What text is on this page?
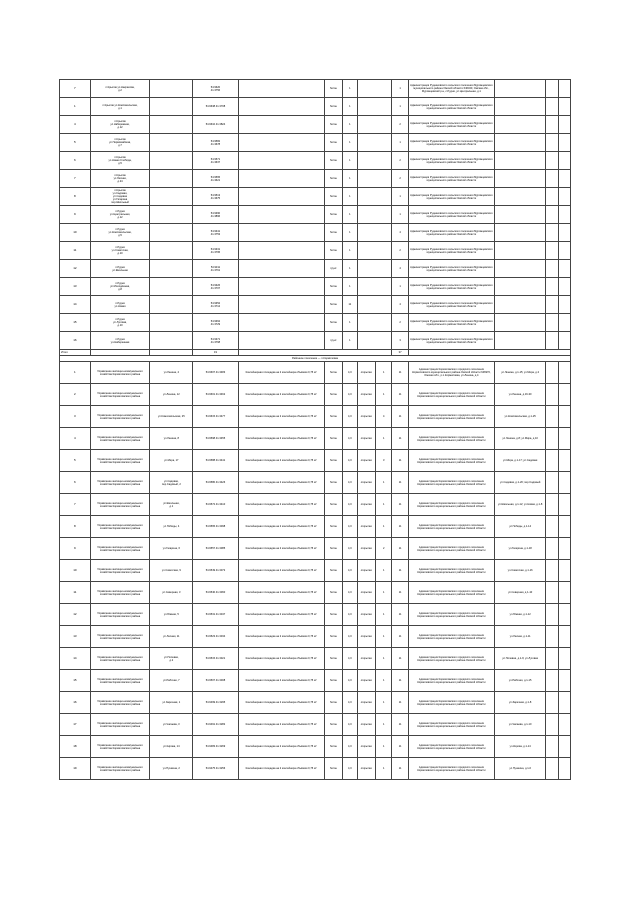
7	п.Крылов ул.Некрасова,
д.2		54.9620
41.3756		бетон	1			1	Администрация Рудниковского сельского поселения Муромцевского муниципального района Омской области 646430, Омская обл., Муромцевский р-н, с.Рудня, ул.Центральная, д.1			
1	п.Крылов ул.Комсомольская,
д.1		54.9638 41.3708		бетон	1			1	Администрация Рудниковского сельского поселения Муромцевского муниципального района Омской области			
4	п.Крылов
ул.Набережная,
д.12		54.9610 41.3824		бетон	1			2	Администрация Рудниковского сельского поселения Муромцевского муниципального района Омской области			
5	п.Крылов
ул.Первомайская,
д.7		54.9582
41.3678		бетон	1			1	Администрация Рудниковского сельского поселения Муромцевского муниципального района Омской области			
6	п.Крылов
ул.Новая Слобода,
д.5		54.9571
41.3637		бетон	1			2	Администрация Рудниковского сельского поселения Муромцевского муниципального района Омской области			
7	п.Крылов
ул.Лесная,
д.24		54.9565
41.3621		бетон	1			2	Администрация Рудниковского сельского поселения Муромцевского муниципального района Омской области			
8	п.Крылов
ул.Садовая,
ул.Садовая
ул.Гагарина
пер.Школьный		54.9513
41.3675		бетон	1			1	Администрация Рудниковского сельского поселения Муромцевского муниципального района Омской области			
9	п.Рудня
ул.Центральная,
д.12		54.9390
41.3896		бетон	1			1	Администрация Рудниковского сельского поселения Муромцевского муниципального района Омской области			
10	п.Рудня
ул.Комсомольская,
д.5		54.9341
41.3753		бетон	1			4	Администрация Рудниковского сельского поселения Муромцевского муниципального района Омской области			
11	п.Рудня
ул.Советская,
д.10		54.9331
41.3795		бетон	1			2	Администрация Рудниковского сельского поселения Муромцевского муниципального района Омской области			
12	п.Рудня
ул.Школьная		54.9311
41.3761		грунт	1			4	Администрация Рудниковского сельского поселения Муромцевского муниципального района Омской области			
13	п.Рудня
ул.Молодёжная,
д.8		54.9326
41.3707		бетон	1			1	Администрация Рудниковского сельского поселения Муромцевского муниципального района Омской области			
14	п.Рудня
ул.Новая		54.9352
41.3712		бетон	11			4	Администрация Рудниковского сельского поселения Муромцевского муниципального района Омской области			
15	п.Рудня
ул.Луговая,
д.10		54.9362
41.3729		бетон	1			2	Администрация Рудниковского сельского поселения Муромцевского муниципального района Омской области			
16	п.Рудня
ул.Набережная		54.9371
41.3768		грунт	1			3	Администрация Рудниковского сельского поселения Муромцевского муниципального района Омской области			
Итого			19						37				
Районное поселение — п.Кормиловка													
1	Управление жилищно-коммунального
хозяйства Кормиловского района	ул.Ленина, 4	54.9607 41.3483	Контейнерная площадка на 2 контейнера объёмом 0,75 м³	бетон	4,0	открытая	1	11	Администрация Кормиловского городского поселения Кормиловского муниципального района Омской области 646970, Омская обл., р.п.Кормиловка, ул.Ленина, д.4	ул.Ленина, д.1-15; ул.Мира, д.2		
2	Управление жилищно-коммунального
хозяйства Кормиловского района	ул.Ленина, 12	54.9601 41.3462	Контейнерная площадка на 2 контейнера объёмом 0,75 м³	бетон	4,0	открытая	1	11	Администрация Кормиловского городского поселения Кормиловского муниципального района Омской области	ул.Ленина, д.16-30		
3	Управление жилищно-коммунального
хозяйства Кормиловского района	ул.Комсомольская, 25	54.9615 41.3477	Контейнерная площадка на 2 контейнера объёмом 0,75 м³	бетон	4,0	открытая	4	11	Администрация Кормиловского городского поселения Кормиловского муниципального района Омской области	ул.Комсомольская, д.1-25		
4	Управление жилищно-коммунального
хозяйства Кормиловского района	ул.Ленина, 8	54.9598 41.3455	Контейнерная площадка на 2 контейнера объёмом 0,75 м³	бетон	4,0	открытая	1	11	Администрация Кормиловского городского поселения Кормиловского муниципального района Омской области	ул.Ленина, д.8; ул.Мира, д.10		
5	Управление жилищно-коммунального
хозяйства Кормиловского района	ул.Мира, 17	54.9588 41.3441	Контейнерная площадка на 2 контейнера объёмом 0,75 м³	бетон	4,0	открытая	3	11	Администрация Кормиловского городского поселения Кормиловского муниципального района Омской области	ул.Мира, д.1-17; ул.Садовая		
6	Управление жилищно-коммунального
хозяйства Кормиловского района	ул.Садовая,
пер.Садовый, 2	54.9580 41.3426	Контейнерная площадка на 2 контейнера объёмом 0,75 м³	бетон	4,0	открытая	1	11	Администрация Кормиловского городского поселения Кормиловского муниципального района Омской области	ул.Садовая, д.1-20; пер.Садовый		
7	Управление жилищно-коммунального
хозяйства Кормиловского района	ул.Школьная,
д.1	54.9572 41.3410	Контейнерная площадка на 2 контейнера объёмом 0,75 м³	бетон	4,0	открытая	1	11	Администрация Кормиловского городского поселения Кормиловского муниципального района Омской области	ул.Школьная, д.1-12; ул.Новая, д.1-8		
8	Управление жилищно-коммунального
хозяйства Кормиловского района	ул.Победы, 4	54.9565 41.3398	Контейнерная площадка на 2 контейнера объёмом 0,75 м³	бетон	4,0	открытая	1	11	Администрация Кормиловского городского поселения Кормиловского муниципального района Омской области	ул.Победы, д.1-14		
9	Управление жилищно-коммунального
хозяйства Кормиловского района	ул.Гагарина, 6	54.9557 41.3385	Контейнерная площадка на 2 контейнера объёмом 0,75 м³	бетон	4,0	открытая	2	11	Администрация Кормиловского городского поселения Кормиловского муниципального района Омской области	ул.Гагарина, д.1-18		
10	Управление жилищно-коммунального
хозяйства Кормиловского района	ул.Советская, 9	54.9549 41.3372	Контейнерная площадка на 2 контейнера объёмом 0,75 м³	бетон	4,0	открытая	1	11	Администрация Кормиловского городского поселения Кормиловского муниципального района Омской области	ул.Советская, д.1-16		
11	Управление жилищно-коммунального
хозяйства Кормиловского района	ул.Северная, 3	54.9540 41.3360	Контейнерная площадка на 2 контейнера объёмом 0,75 м³	бетон	4,0	открытая	1	11	Администрация Кормиловского городского поселения Кормиловского муниципального района Омской области	ул.Северная, д.1-10		
12	Управление жилищно-коммунального
хозяйства Кормиловского района	ул.Южная, 5	54.9531 41.3347	Контейнерная площадка на 2 контейнера объёмом 0,75 м³	бетон	4,0	открытая	1	11	Администрация Кормиловского городского поселения Кормиловского муниципального района Омской области	ул.Южная, д.1-12		
13	Управление жилищно-коммунального
хозяйства Кормиловского района	ул.Лесная, 11	54.9523 41.3334	Контейнерная площадка на 2 контейнера объёмом 0,75 м³	бетон	4,0	открытая	1	11	Администрация Кормиловского городского поселения Кормиловского муниципального района Омской области	ул.Лесная, д.1-11		
14	Управление жилищно-коммунального
хозяйства Кормиловского района	ул.Полевая,
д.2	54.9515 41.3321	Контейнерная площадка на 2 контейнера объёмом 0,75 м³	бетон	4,0	открытая	1	11	Администрация Кормиловского городского поселения Кормиловского муниципального района Омской области	ул.Полевая, д.1-9; ул.Луговая		
15	Управление жилищно-коммунального
хозяйства Кормиловского района	ул.Рабочая, 7	54.9507 41.3308	Контейнерная площадка на 2 контейнера объёмом 0,75 м³	бетон	4,0	открытая	1	11	Администрация Кормиловского городского поселения Кормиловского муниципального района Омской области	ул.Рабочая, д.1-15		
16	Управление жилищно-коммунального
хозяйства Кормиловского района	ул.Заречная, 1	54.9499 41.3295	Контейнерная площадка на 2 контейнера объёмом 0,75 м³	бетон	4,0	открытая	1	11	Администрация Кормиловского городского поселения Кормиловского муниципального района Омской области	ул.Заречная, д.1-8		
17	Управление жилищно-коммунального
хозяйства Кормиловского района	ул.Чапаева, 3	54.9491 41.3282	Контейнерная площадка на 2 контейнера объёмом 0,75 м³	бетон	4,0	открытая	1	11	Администрация Кормиловского городского поселения Кормиловского муниципального района Омской области	ул.Чапаева, д.1-10		
18	Управление жилищно-коммунального
хозяйства Кормиловского района	ул.Кирова, 14	54.9483 41.3269	Контейнерная площадка на 2 контейнера объёмом 0,75 м³	бетон	4,0	открытая	1	11	Администрация Кормиловского городского поселения Кормиловского муниципального района Омской области	ул.Кирова, д.1-14		
19	Управление жилищно-коммунального
хозяйства Кормиловского района	ул.Пушкина, 2	54.9475 41.3256	Контейнерная площадка на 2 контейнера объёмом 0,75 м³	бетон	4,0	открытая	1	11	Администрация Кормиловского городского поселения Кормиловского муниципального района Омской области	ул.Пушкина, д.1-6		
